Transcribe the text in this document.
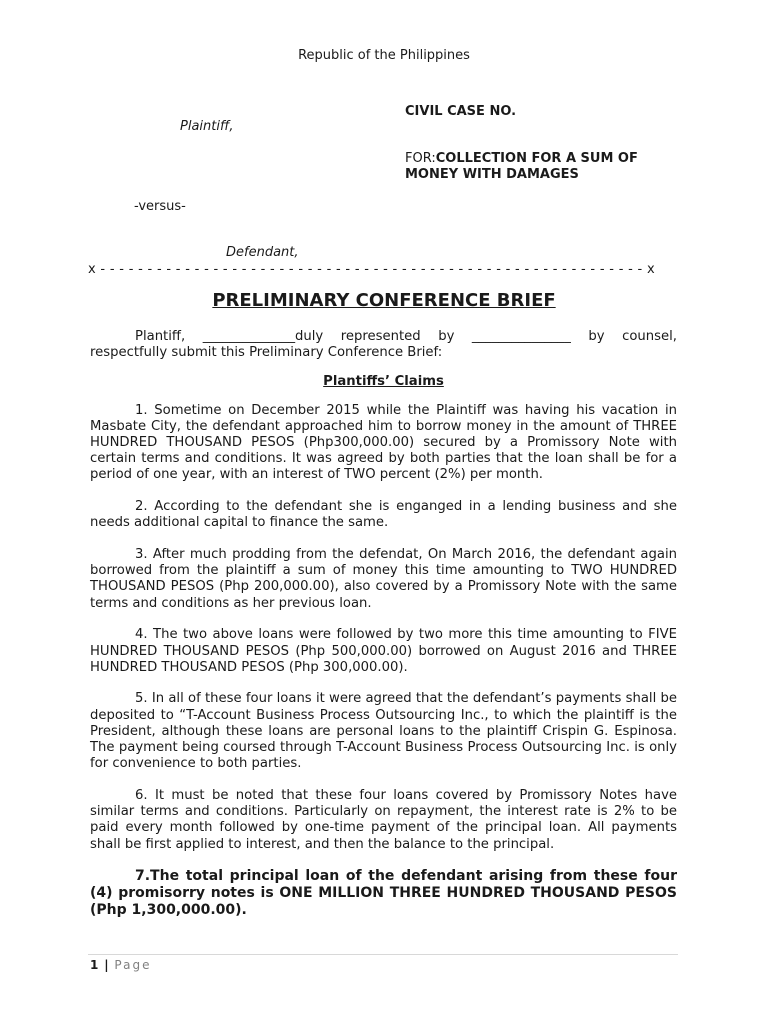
Republic of the Philippines
CIVIL CASE NO.
Plaintiff,
FOR:COLLECTION FOR A SUM OF MONEY WITH DAMAGES
-versus-
Defendant,
x - - - - - - - - - - - - - - - - - - - - - - - - - - - - - - - - - - - - - - - - - - - - - - - - - - - - - - - - - - x
PRELIMINARY CONFERENCE BRIEF

Plantiff, ______________duly represented by _______________ by counsel, respectfully submit this Preliminary Conference Brief:

Plantiffs’ Claims

1. Sometime on December 2015 while the Plaintiff was having his vacation in Masbate City, the defendant approached him to borrow money in the amount of THREE HUNDRED THOUSAND PESOS (Php300,000.00) secured by a Promissory Note with certain terms and conditions. It was agreed by both parties that the loan shall be for a period of one year, with an interest of TWO percent (2%) per month.

2. According to the defendant she is enganged in a lending business and she needs additional capital to finance the same.

3. After much prodding from the defendat, On March 2016, the defendant again borrowed from the plaintiff a sum of money this time amounting to TWO HUNDRED THOUSAND PESOS (Php 200,000.00), also covered by a Promissory Note with the same terms and conditions as her previous loan.

4. The two above loans were followed by two more this time amounting to FIVE HUNDRED THOUSAND PESOS (Php 500,000.00) borrowed on August 2016 and THREE HUNDRED THOUSAND PESOS (Php 300,000.00).

5. In all of these four loans it were agreed that the defendant’s payments shall be deposited to “T-Account Business Process Outsourcing Inc., to which the plaintiff is the President, although these loans are personal loans to the plaintiff Crispin G. Espinosa. The payment being coursed through T-Account Business Process Outsourcing Inc. is only for convenience to both parties.

6. It must be noted that these four loans covered by Promissory Notes have similar terms and conditions. Particularly on repayment, the interest rate is 2% to be paid every month followed by one-time payment of the principal loan. All payments shall be first applied to interest, and then the balance to the principal.

7.The total principal loan of the defendant arising from these four (4) promisorry notes is ONE MILLION THREE HUNDRED THOUSAND PESOS (Php 1,300,000.00).

1 | Page
